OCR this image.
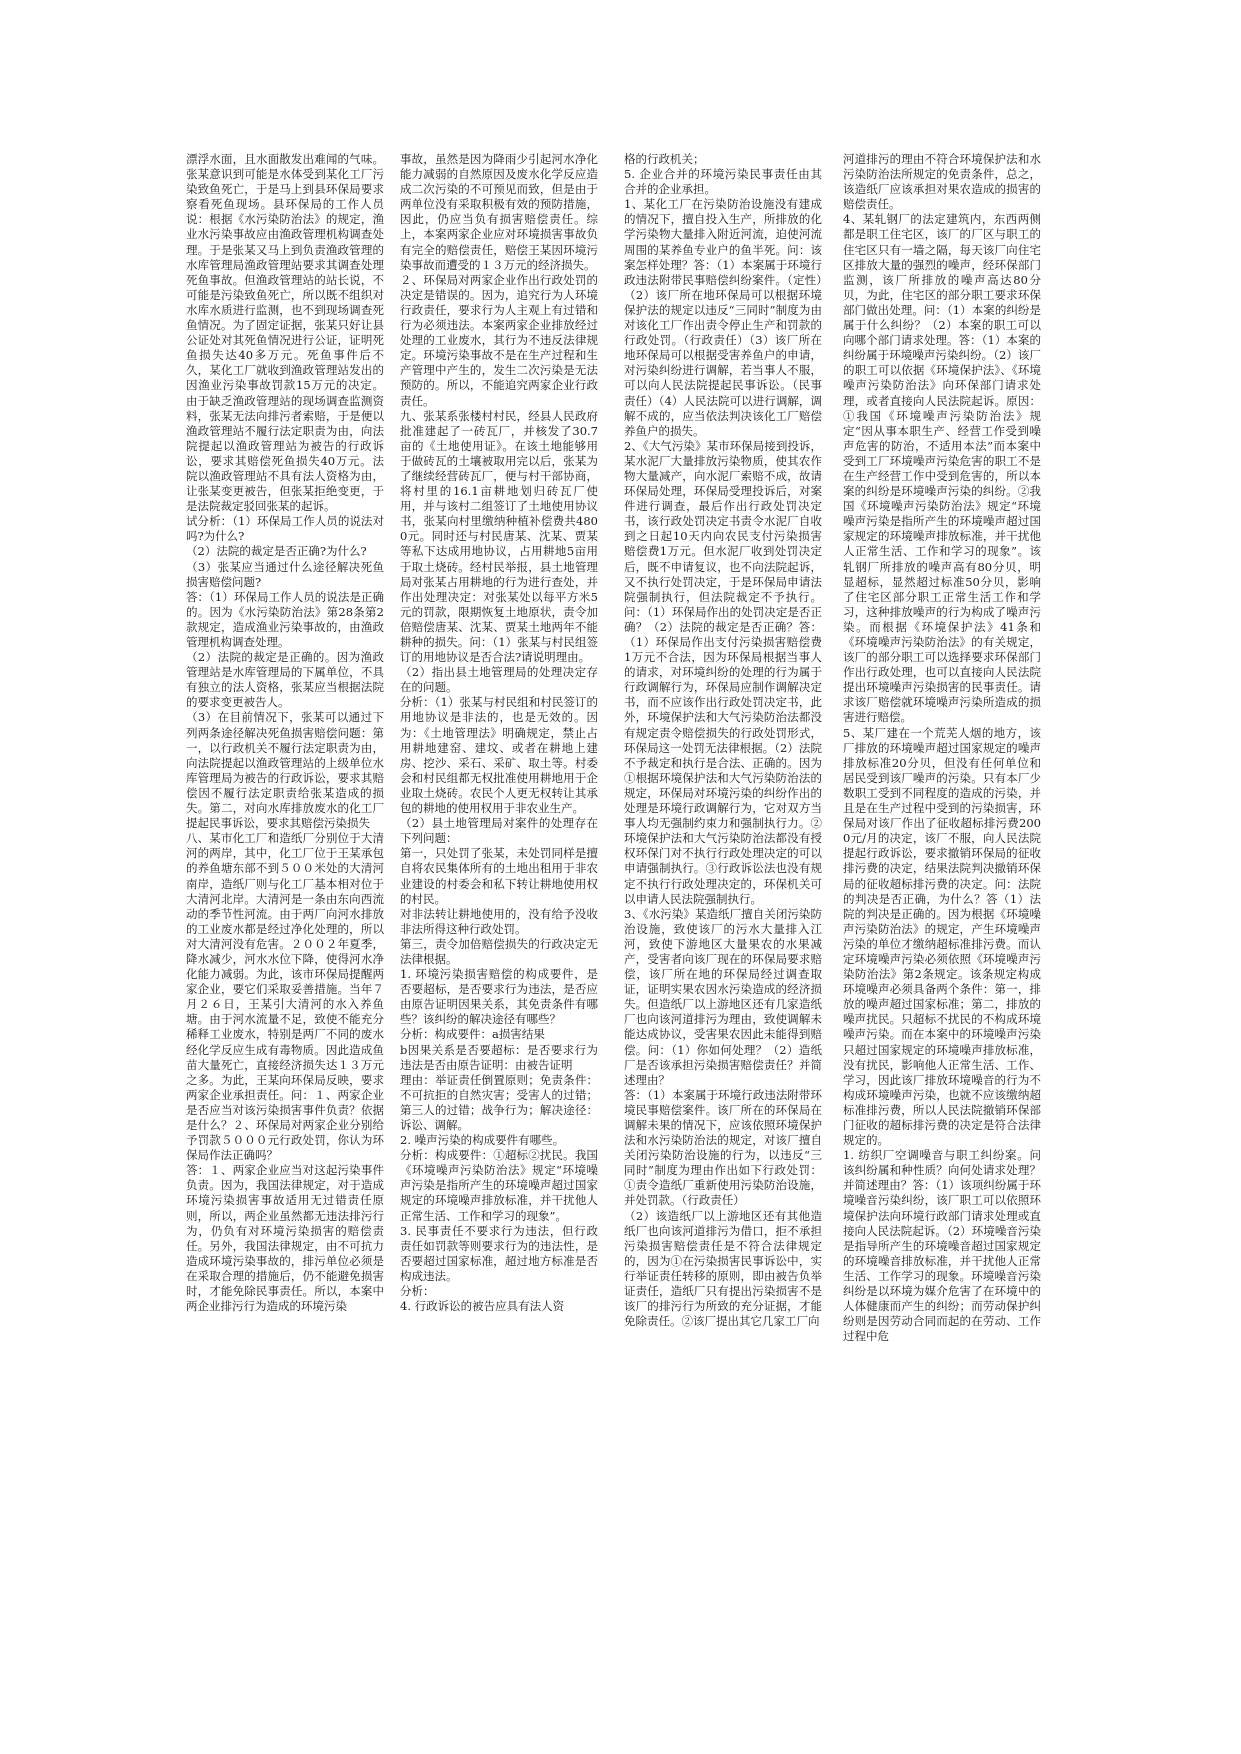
漂浮水面，且水面散发出难闻的气味。张某意识到可能是水体受到某化工厂污染致鱼死亡，于是马上到县环保局要求察看死鱼现场。县环保局的工作人员说：根据《水污染防治法》的规定，渔业水污染事故应由渔政管理机构调查处理。于是张某又马上到负责渔政管理的水库管理局渔政管理站要求其调查处理死鱼事故。但渔政管理站的站长说，不可能是污染致鱼死亡，所以既不组织对水库水质进行监测，也不到现场调查死鱼情况。为了固定证据，张某只好让县公证处对其死鱼情况进行公证，证明死鱼损失达40多万元。死鱼事件后不久，某化工厂就收到渔政管理站发出的因渔业污染事故罚款15万元的决定。由于缺乏渔政管理站的现场调查监测资料，张某无法向排污者索赔，于是便以渔政管理站不履行法定职责为由，向法院提起以渔政管理站为被告的行政诉讼，要求其赔偿死鱼损失40万元。法院以渔政管理站不具有法人资格为由，让张某变更被告，但张某拒绝变更，于是法院裁定驳回张某的起诉。

试分析：（1）环保局工作人员的说法对吗?为什么?

（2）法院的裁定是否正确?为什么?

（3）张某应当通过什么途径解决死鱼损害赔偿问题?

答：（1）环保局工作人员的说法是正确的。因为《水污染防治法》第28条第2款规定，造成渔业污染事故的，由渔政管理机构调查处理。

（2）法院的裁定是正确的。因为渔政管理站是水库管理局的下属单位，不具有独立的法人资格，张某应当根据法院的要求变更被告人。

（3）在目前情况下，张某可以通过下列两条途径解决死鱼损害赔偿问题：第一，以行政机关不履行法定职责为由，向法院提起以渔政管理站的上级单位水库管理局为被告的行政诉讼，要求其赔偿因不履行法定职责给张某造成的损失。第二，对向水库排放废水的化工厂提起民事诉讼，要求其赔偿污染损失

八、某市化工厂和造纸厂分别位于大清河的两岸，其中，化工厂位于王某承包的养鱼塘东部不到５００米处的大清河南岸，造纸厂则与化工厂基本相对位于大清河北岸。大清河是一条由东向西流动的季节性河流。由于两厂向河水排放的工业废水都是经过净化处理的，所以对大清河没有危害。２００２年夏季，降水减少，河水水位下降，使得河水净化能力减弱。为此，该市环保局提醒两家企业，要它们采取妥善措施。当年７月２６日，王某引大清河的水入养鱼塘。由于河水流量不足，致使不能充分稀释工业废水，特别是两厂不同的废水经化学反应生成有毒物质。因此造成鱼苗大量死亡，直接经济损失达１３万元之多。为此，王某向环保局反映，要求两家企业承担责任。问：１、两家企业是否应当对该污染损害事件负责？依据是什么？２、环保局对两家企业分别给予罚款５０００元行政处罚，你认为环保局作法正确吗？

答：１、两家企业应当对这起污染事件负责。因为，我国法律规定，对于造成环境污染损害事故适用无过错责任原则，所以，两企业虽然都无违法排污行为，仍负有对环境污染损害的赔偿责任。另外，我国法律规定，由不可抗力造成环境污染事故的，排污单位必须是在采取合理的措施后，仍不能避免损害时，才能免除民事责任。所以，本案中两企业排污行为造成的环境污染

事故，虽然是因为降雨少引起河水净化能力减弱的自然原因及废水化学反应造成二次污染的不可预见而致，但是由于两单位没有采取积极有效的预防措施，因此，仍应当负有损害赔偿责任。综上，本案两家企业应对环境损害事故负有完全的赔偿责任，赔偿王某因环境污染事故而遭受的１３万元的经济损失。

２、环保局对两家企业作出行政处罚的决定是错误的。因为，追究行为人环境行政责任，要求行为人主观上有过错和行为必须违法。本案两家企业排放经过处理的工业废水，其行为不违反法律规定。环境污染事故不是在生产过程和生产管理中产生的，发生二次污染是无法预防的。所以，不能追究两家企业行政责任。

九、张某系张楼村村民，经县人民政府批准建起了一砖瓦厂，并核发了30.7亩的《土地使用证》。在该土地能够用于做砖瓦的土壤被取用完以后，张某为了继续经营砖瓦厂，便与村干部协商，将村里的16.1亩耕地划归砖瓦厂使用，并与该村二组签订了土地使用协议书，张某向村里缴纳种植补偿费共4800元。同时还与村民唐某、沈某、贾某等私下达成用地协议，占用耕地5亩用于取土烧砖。经村民举报，县土地管理局对张某占用耕地的行为进行查处，并作出处理决定：对张某处以每平方米5元的罚款，限期恢复土地原状，责令加倍赔偿唐某、沈某、贾某土地两年不能耕种的损失。问：（1）张某与村民组签订的用地协议是否合法?请说明理由。

（2）指出县土地管理局的处理决定存在的问题。

分析：（1）张某与村民组和村民签订的用地协议是非法的，也是无效的。因为：《土地管理法》明确规定，禁止占用耕地建窑、建坟、或者在耕地上建房、挖沙、采石、采矿、取土等。村委会和村民组都无权批准使用耕地用于企业取土烧砖。农民个人更无权转让其承包的耕地的使用权用于非农业生产。

（2）县土地管理局对案件的处理存在下列问题：

第一，只处罚了张某，未处罚同样是擅自将农民集体所有的土地出租用于非农业建设的村委会和私下转让耕地使用权的村民。

对非法转让耕地使用的，没有给予没收非法所得这种行政处罚。

第三，责令加倍赔偿损失的行政决定无法律根据。

1. 环境污染损害赔偿的构成要件，是否要超标，是否要求行为违法，是否应由原告证明因果关系，其免责条件有哪些？该纠纷的解决途径有哪些？

分析：构成要件：a损害结果

b因果关系是否要超标：是否要求行为违法是否由原告证明：由被告证明

理由：举证责任倒置原则；免责条件：不可抗拒的自然灾害；受害人的过错；第三人的过错；战争行为；解决途径：诉讼、调解。

2. 噪声污染的构成要件有哪些。

分析：构成要件：①超标②扰民。我国《环境噪声污染防治法》规定“环境噪声污染是指所产生的环境噪声超过国家规定的环境噪声排放标准，并干扰他人正常生活、工作和学习的现象”。

3. 民事责任不要求行为违法，但行政责任如罚款等则要求行为的违法性，是否要超过国家标准，超过地方标准是否构成违法。

分析：

4. 行政诉讼的被告应具有法人资

格的行政机关；

5. 企业合并的环境污染民事责任由其合并的企业承担。

1、某化工厂在污染防治设施没有建成的情况下，擅自投入生产，所排放的化学污染物大量排入附近河流，迫使河流周围的某养鱼专业户的鱼半死。问：该案怎样处理？答：（1）本案属于环境行政违法附带民事赔偿纠纷案件。（定性）（2）该厂所在地环保局可以根据环境保护法的规定以违反“三同时”制度为由对该化工厂作出责令停止生产和罚款的行政处罚。（行政责任）（3）该厂所在地环保局可以根据受害养鱼户的申请，对污染纠纷进行调解，若当事人不服，可以向人民法院提起民事诉讼。（民事责任）（4）人民法院可以进行调解，调解不成的，应当依法判决该化工厂赔偿养鱼户的损失。

2、《大气污染》某市环保局接到投诉，某水泥厂大量排放污染物质，使其农作物大量减产，向水泥厂索赔不成，故请环保局处理，环保局受理投诉后，对案件进行调查，最后作出行政处罚决定书，该行政处罚决定书责令水泥厂自收到之日起10天内向农民支付污染损害赔偿费1万元。但水泥厂收到处罚决定后，既不申请复议，也不向法院起诉，又不执行处罚决定，于是环保局申请法院强制执行，但法院裁定不予执行。问：（1）环保局作出的处罚决定是否正确？（2）法院的裁定是否正确？答：（1）环保局作出支付污染损害赔偿费1万元不合法，因为环保局根据当事人的请求，对环境纠纷的处理的行为属于行政调解行为，环保局应制作调解决定书，而不应该作出行政处罚决定书，此外，环境保护法和大气污染防治法都没有规定责令赔偿损失的行政处罚形式，环保局这一处罚无法律根据。（2）法院不予裁定和执行是合法、正确的。因为①根据环境保护法和大气污染防治法的规定，环保局对环境污染的纠纷作出的处理是环境行政调解行为，它对双方当事人均无强制约束力和强制执行力。②环境保护法和大气污染防治法都没有授权环保门对不执行行政处理决定的可以申请强制执行。③行政诉讼法也没有规定不执行行政处理决定的，环保机关可以申请人民法院强制执行。

3、《水污染》某造纸厂擅自关闭污染防治设施，致使该厂的污水大量排入江河，致使下游地区大量果农的水果减产，受害者向该厂现在的环保局要求赔偿，该厂所在地的环保局经过调查取证，证明实果农因水污染造成的经济损失。但造纸厂以上游地区还有几家造纸厂也向该河道排污为理由，致使调解未能达成协议，受害果农因此未能得到赔偿。问：（1）你如何处理？（2）造纸厂是否该承担污染损害赔偿责任？并简述理由？

答：（1）本案属于环境行政违法附带环境民事赔偿案件。该厂所在的环保局在调解未果的情况下，应该依照环境保护法和水污染防治法的规定，对该厂擅自关闭污染防治设施的行为，以违反“三同时”制度为理由作出如下行政处罚：①责令造纸厂重新使用污染防治设施，并处罚款。（行政责任）

（2）该造纸厂以上游地区还有其他造纸厂也向该河道排污为借口，拒不承担污染损害赔偿责任是不符合法律规定的，因为①在污染损害民事诉讼中，实行举证责任转移的原则，即由被告负举证责任，造纸厂只有提出污染损害不是该厂的排污行为所致的充分证据，才能免除责任。②该厂提出其它几家工厂向

河道排污的理由不符合环境保护法和水污染防治法所规定的免责条件，总之，该造纸厂应该承担对果农造成的损害的赔偿责任。

4、某轧钢厂的法定建筑内，东西两侧都是职工住宅区，该厂的厂区与职工的住宅区只有一墙之隔，每天该厂向住宅区排放大量的强烈的噪声，经环保部门监测，该厂所排放的噪声高达80分贝，为此，住宅区的部分职工要求环保部门做出处理。问：（1）本案的纠纷是属于什么纠纷？（2）本案的职工可以向哪个部门请求处理。答：（1）本案的纠纷属于环境噪声污染纠纷。（2）该厂的职工可以依据《环境保护法》、《环境噪声污染防治法》向环保部门请求处理，或者直接向人民法院起诉。原因：①我国《环境噪声污染防治法》规定“因从事本职生产、经营工作受到噪声危害的防治，不适用本法”而本案中受到工厂环境噪声污染危害的职工不是在生产经营工作中受到危害的，所以本案的纠纷是环境噪声污染的纠纷。②我国《环境噪声污染防治法》规定“环境噪声污染是指所产生的环境噪声超过国家规定的环境噪声排放标准，并干扰他人正常生活、工作和学习的现象”。该轧钢厂所排放的噪声高有80分贝，明显超标，显然超过标准50分贝，影响了住宅区部分职工正常生活工作和学习，这种排放噪声的行为构成了噪声污染。而根据《环境保护法》41条和《环境噪声污染防治法》的有关规定，该厂的部分职工可以选择要求环保部门作出行政处理，也可以直接向人民法院提出环境噪声污染损害的民事责任。请求该厂赔偿就环境噪声污染所造成的损害进行赔偿。

5、某厂建在一个荒芜人烟的地方，该厂排放的环境噪声超过国家规定的噪声排放标准20分贝，但没有任何单位和居民受到该厂噪声的污染。只有本厂少数职工受到不同程度的造成的污染，并且是在生产过程中受到的污染损害，环保局对该厂作出了征收超标排污费2000元/月的决定，该厂不服，向人民法院提起行政诉讼，要求撤销环保局的征收排污费的决定，结果法院判决撤销环保局的征收超标排污费的决定。问：法院的判决是否正确，为什么？答（1）法院的判决是正确的。因为根据《环境噪声污染防治法》的规定，产生环境噪声污染的单位才缴纳超标准排污费。而认定环境噪声污染必须依照《环境噪声污染防治法》第2条规定。该条规定构成环境噪声必须具备两个条件：第一，排放的噪声超过国家标准；第二，排放的噪声扰民。只超标不扰民的不构成环境噪声污染。而在本案中的环境噪声污染只超过国家规定的环境噪声排放标准，没有扰民，影响他人正常生活、工作、学习，因此该厂排放环境噪音的行为不构成环境噪声污染，也就不应该缴纳超标准排污费，所以人民法院撤销环保部门征收的超标排污费的决定是符合法律规定的。

1. 纺织厂空调噪音与职工纠纷案。问该纠纷属和种性质？向何处请求处理？并简述理由？答：（1）该项纠纷属于环境噪音污染纠纷，该厂职工可以依照环境保护法向环境行政部门请求处理或直接向人民法院起诉。（2）环境噪音污染是指导所产生的环境噪音超过国家规定的环境噪音排放标准，并干扰他人正常生活、工作学习的现象。环境噪音污染纠纷是以环境为媒介危害了在环境中的人体健康而产生的纠纷；而劳动保护纠纷则是因劳动合同而起的在劳动、工作过程中危
